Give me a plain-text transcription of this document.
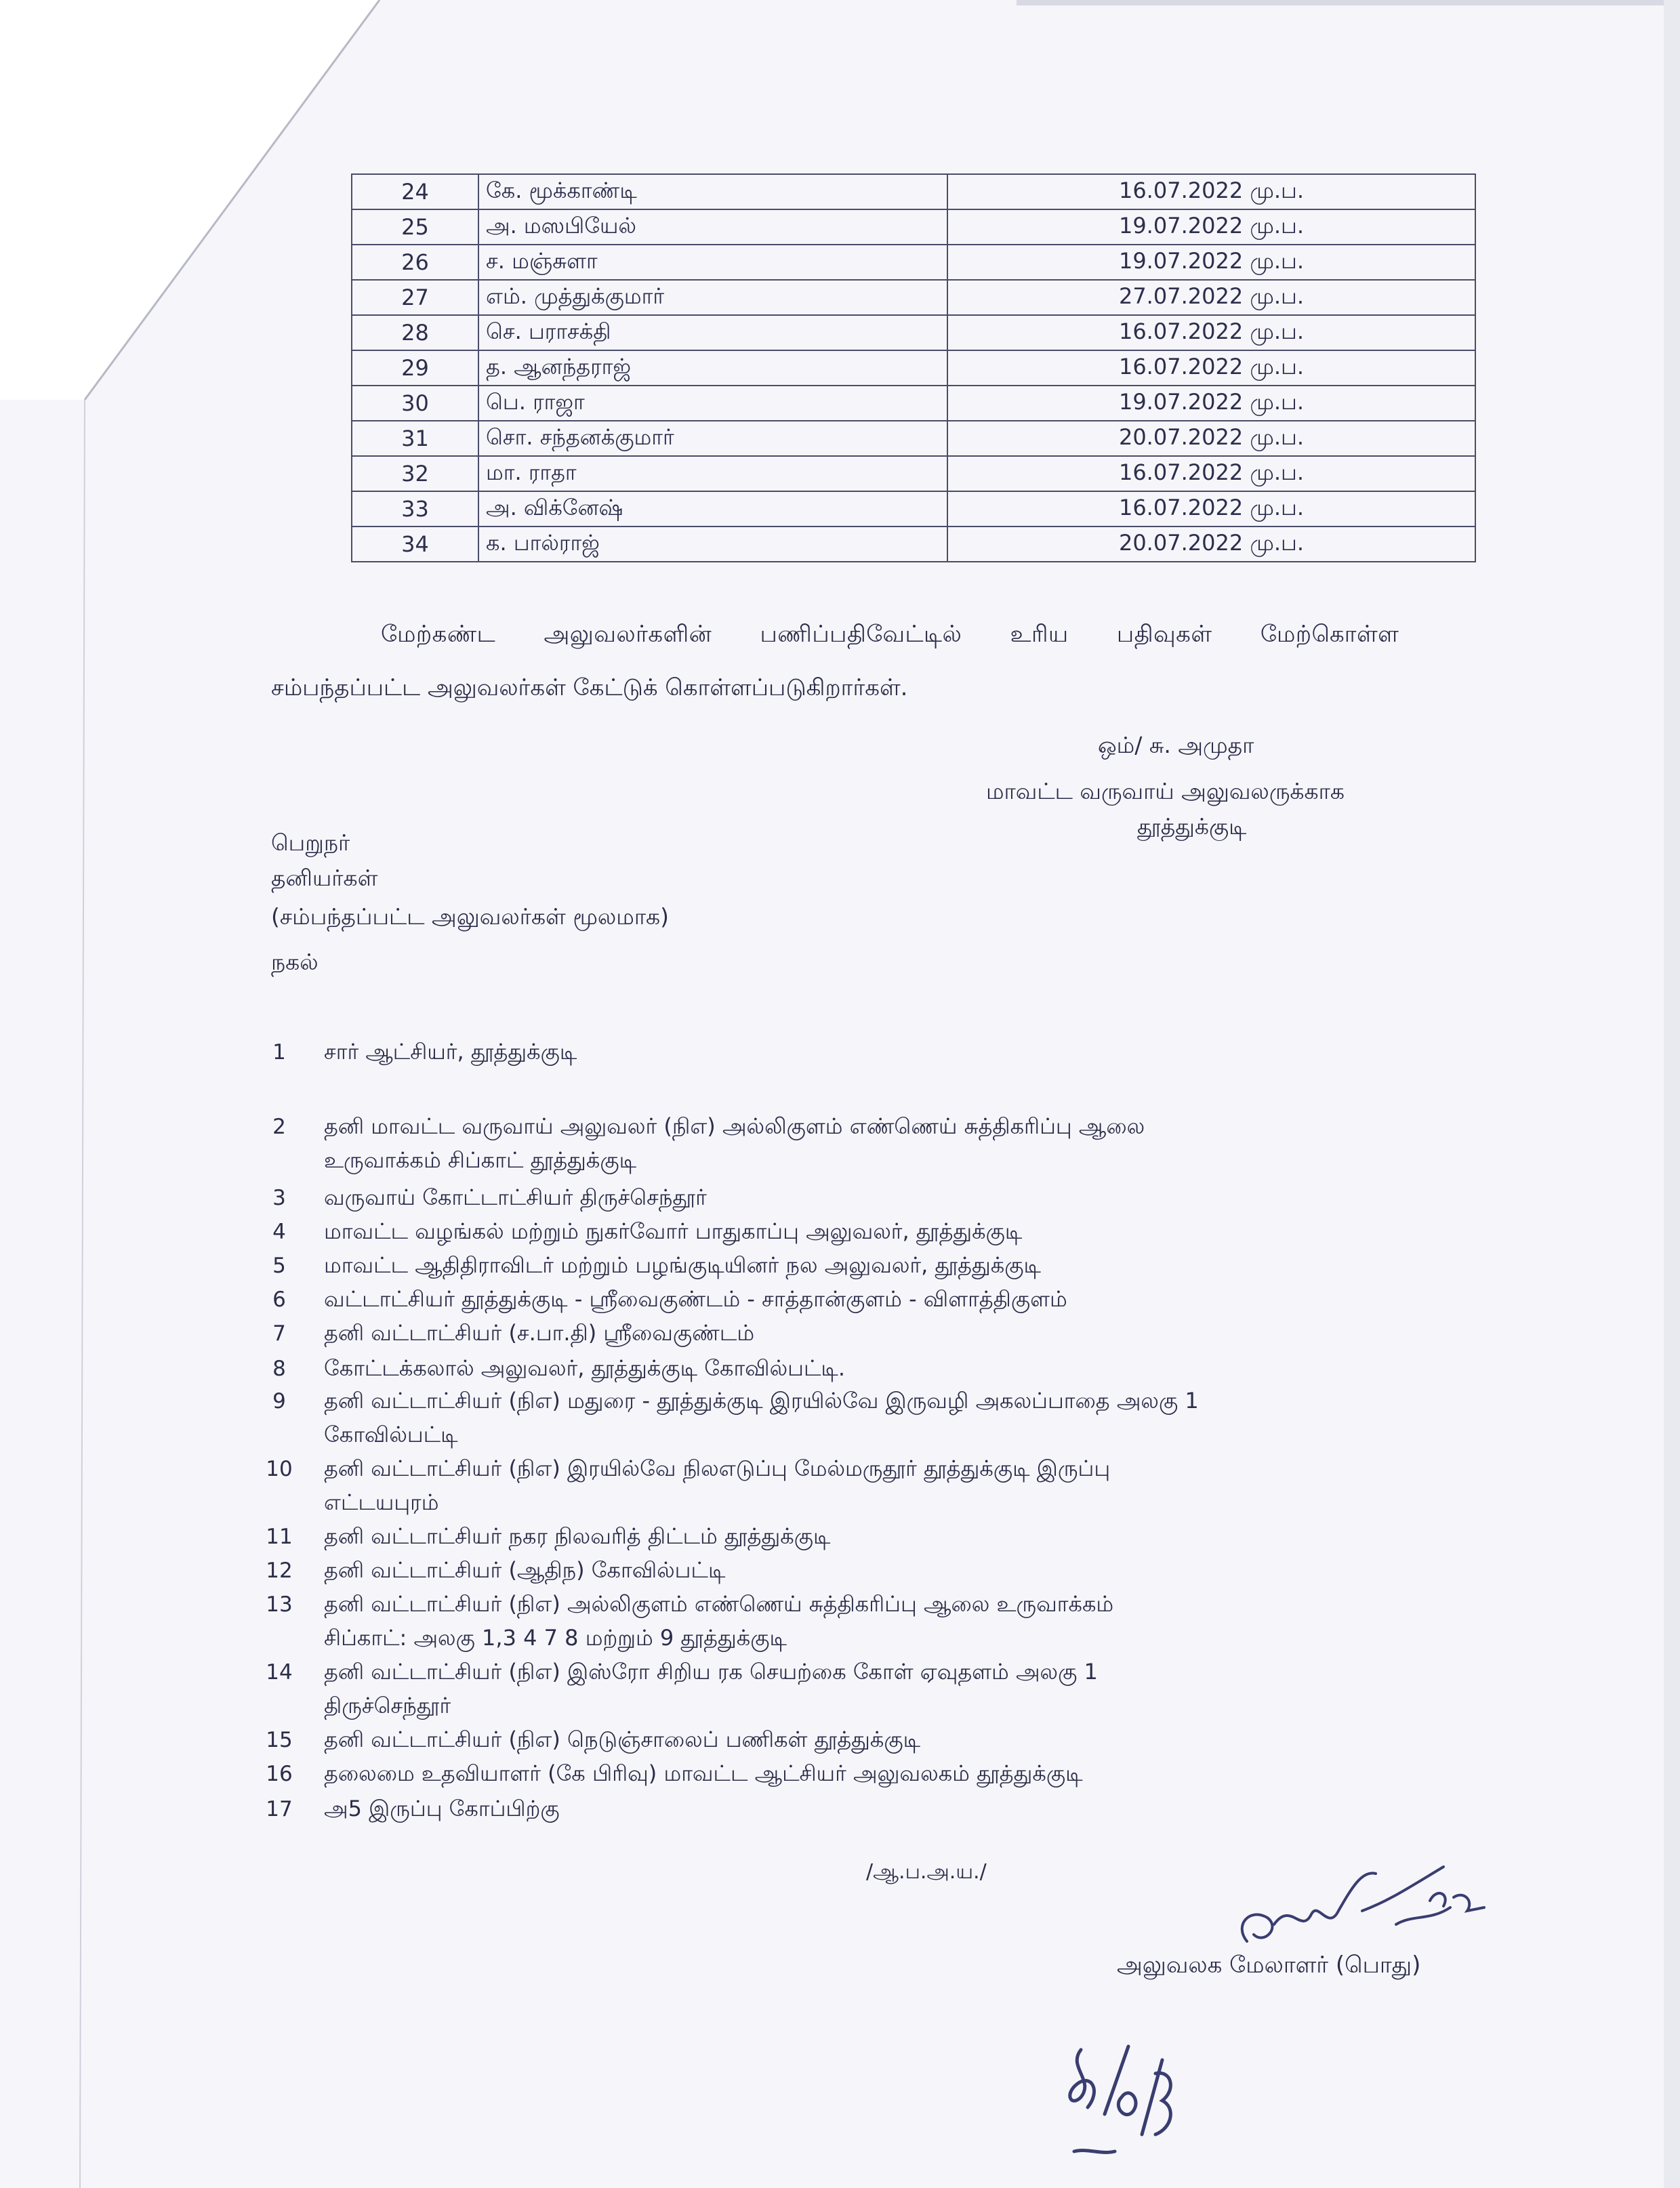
24	கே. மூக்காண்டி	16.07.2022 மு.ப.
25	அ. மஸபியேல்	19.07.2022 மு.ப.
26	ச. மஞ்சுளா	19.07.2022 மு.ப.
27	எம். முத்துக்குமார்	27.07.2022 மு.ப.
28	செ. பராசக்தி	16.07.2022 மு.ப.
29	த. ஆனந்தராஜ்	16.07.2022 மு.ப.
30	பெ. ராஜா	19.07.2022 மு.ப.
31	சொ. சந்தனக்குமார்	20.07.2022 மு.ப.
32	மா. ராதா	16.07.2022 மு.ப.
33	அ. விக்னேஷ்	16.07.2022 மு.ப.
34	க. பால்ராஜ்	20.07.2022 மு.ப.
மேற்கண்ட அலுவலர்களின் பணிப்பதிவேட்டில் உரிய பதிவுகள் மேற்கொள்ள
சம்பந்தப்பட்ட அலுவலர்கள் கேட்டுக் கொள்ளப்படுகிறார்கள்.
ஒம்/ சு. அமுதா
மாவட்ட வருவாய் அலுவலருக்காக
தூத்துக்குடி
பெறுநர்
தனியர்கள்
(சம்பந்தப்பட்ட அலுவலர்கள் மூலமாக)
நகல்
1	சார் ஆட்சியர், தூத்துக்குடி
2	தனி மாவட்ட வருவாய் அலுவலர் (நிஎ) அல்லிகுளம் எண்ணெய் சுத்திகரிப்பு ஆலை
உருவாக்கம் சிப்காட் தூத்துக்குடி
3	வருவாய் கோட்டாட்சியர் திருச்செந்தூர்
4	மாவட்ட வழங்கல் மற்றும் நுகர்வோர் பாதுகாப்பு அலுவலர், தூத்துக்குடி
5	மாவட்ட ஆதிதிராவிடர் மற்றும் பழங்குடியினர் நல அலுவலர், தூத்துக்குடி
6	வட்டாட்சியர் தூத்துக்குடி - ஸ்ரீவைகுண்டம் - சாத்தான்குளம் - விளாத்திகுளம்
7	தனி வட்டாட்சியர் (ச.பா.தி) ஸ்ரீவைகுண்டம்
8	கோட்டக்கலால் அலுவலர், தூத்துக்குடி கோவில்பட்டி.
9	தனி வட்டாட்சியர் (நிஎ) மதுரை - தூத்துக்குடி இரயில்வே இருவழி அகலப்பாதை அலகு 1
கோவில்பட்டி
10	தனி வட்டாட்சியர் (நிஎ) இரயில்வே நிலஎடுப்பு மேல்மருதூர் தூத்துக்குடி இருப்பு
எட்டயபுரம்
11	தனி வட்டாட்சியர் நகர நிலவரித் திட்டம் தூத்துக்குடி
12	தனி வட்டாட்சியர் (ஆதிந) கோவில்பட்டி
13	தனி வட்டாட்சியர் (நிஎ) அல்லிகுளம் எண்ணெய் சுத்திகரிப்பு ஆலை உருவாக்கம்
சிப்காட்: அலகு 1,3 4 7 8 மற்றும் 9 தூத்துக்குடி
14	தனி வட்டாட்சியர் (நிஎ) இஸ்ரோ சிறிய ரக செயற்கை கோள் ஏவுதளம் அலகு 1
திருச்செந்தூர்
15	தனி வட்டாட்சியர் (நிஎ) நெடுஞ்சாலைப் பணிகள் தூத்துக்குடி
16	தலைமை உதவியாளர் (கே பிரிவு) மாவட்ட ஆட்சியர் அலுவலகம் தூத்துக்குடி
17	அ5 இருப்பு கோப்பிற்கு
/ஆ.ப.அ.ய./
அலுவலக மேலாளர் (பொது)
